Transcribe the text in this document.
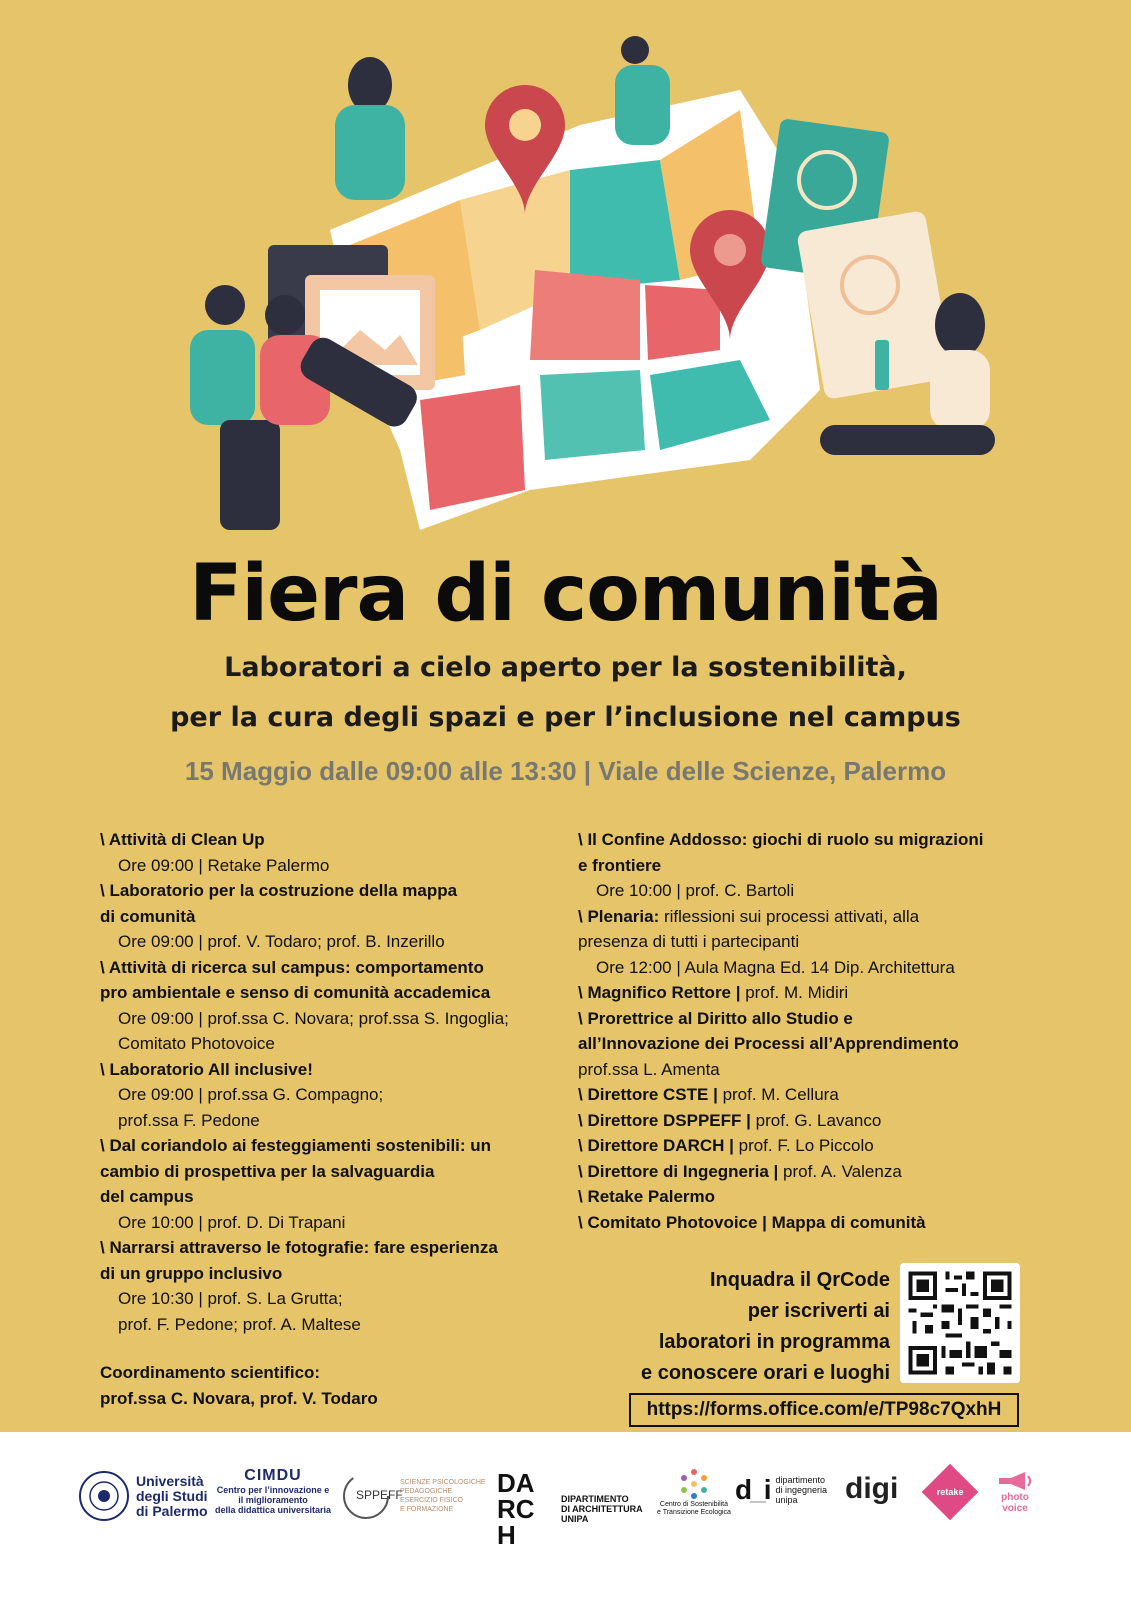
Fiera di comunità
Laboratori a cielo aperto per la sostenibilità,
per la cura degli spazi e per l’inclusione nel campus
15 Maggio dalle 09:00 alle 13:30 | Viale delle Scienze, Palermo
\ Attività di Clean Up
Ore 09:00 | Retake Palermo
\ Laboratorio per la costruzione della mappa
di comunità
Ore 09:00 | prof. V. Todaro; prof. B. Inzerillo
\ Attività di ricerca sul campus: comportamento
pro ambientale e senso di comunità accademica
Ore 09:00 | prof.ssa C. Novara; prof.ssa S. Ingoglia;
Comitato Photovoice
\ Laboratorio All inclusive!
Ore 09:00 | prof.ssa G. Compagno;
prof.ssa F. Pedone
\ Dal coriandolo ai festeggiamenti sostenibili: un
cambio di prospettiva per la salvaguardia
del campus
Ore 10:00 | prof. D. Di Trapani
\ Narrarsi attraverso le fotografie: fare esperienza
di un gruppo inclusivo
Ore 10:30 | prof. S. La Grutta;
prof. F. Pedone; prof. A. Maltese
\ Il Confine Addosso: giochi di ruolo su migrazioni
e frontiere
Ore 10:00 | prof. C. Bartoli
\ Plenaria: riflessioni sui processi attivati, alla
presenza di tutti i partecipanti
Ore 12:00 | Aula Magna Ed. 14 Dip. Architettura
\ Magnifico Rettore | prof. M. Midiri
\ Prorettrice al Diritto allo Studio e
all’Innovazione dei Processi all’Apprendimento
prof.ssa L. Amenta
\ Direttore CSTE | prof. M. Cellura
\ Direttore DSPPEFF | prof. G. Lavanco
\ Direttore DARCH | prof. F. Lo Piccolo
\ Direttore di Ingegneria | prof. A. Valenza
\ Retake Palermo
\ Comitato Photovoice | Mappa di comunità
Coordinamento scientifico:
prof.ssa C. Novara, prof. V. Todaro
Inquadra il QrCode
per iscriverti ai
laboratori in programma
e conoscere orari e luoghi
https://forms.office.com/e/TP98c7QxhH
Università
degli Studi
di Palermo
CIMDU
Centro per l’innovazione e
il miglioramento
della didattica universitaria
SPPEFF
SCIENZE PSICOLOGICHE
PEDAGOGICHE
ESERCIZIO FISICO
E FORMAZIONE
DARCH
DIPARTIMENTO
DI ARCHITETTURA
UNIPA
Centro di Sostenibilità
e Transizione Ecologica
d_i dipartimento
di ingegneria
unipa	digi	retake	photo
voice
